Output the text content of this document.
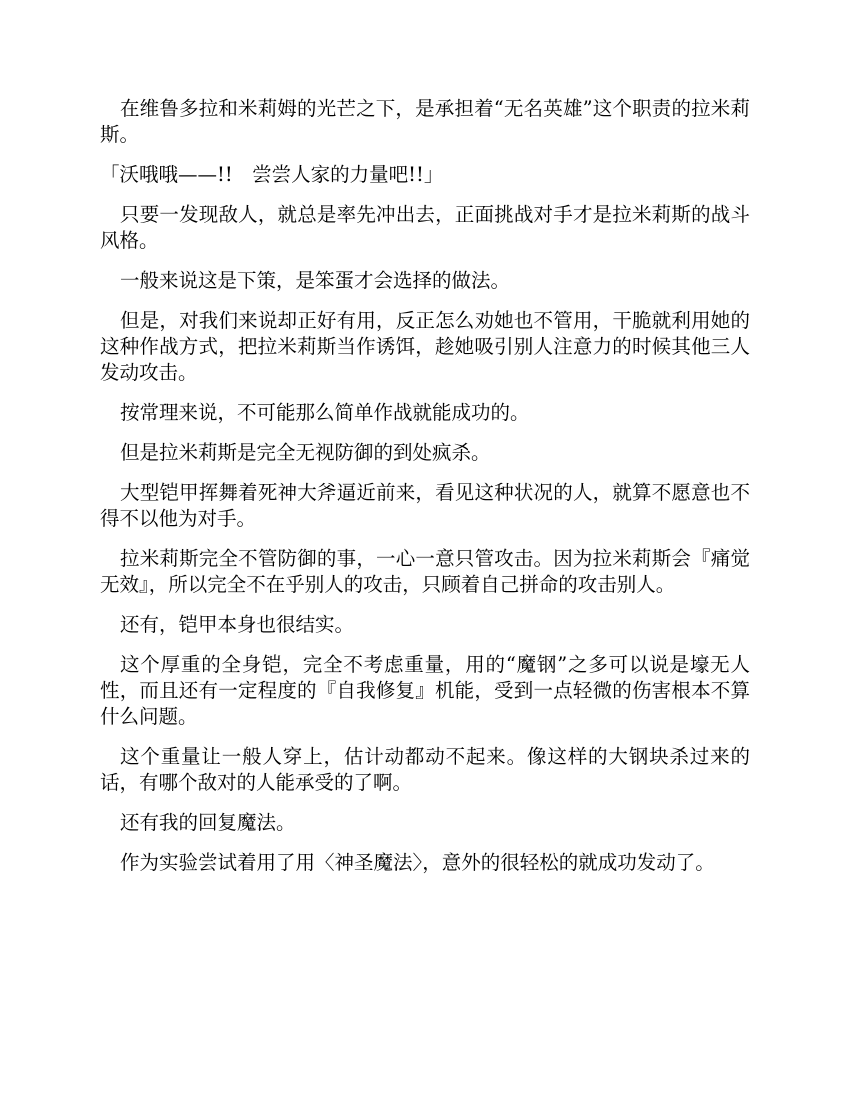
在维鲁多拉和米莉姆的光芒之下，是承担着“无名英雄”这个职责的拉米莉斯。

「沃哦哦——!!　尝尝人家的力量吧!!」

只要一发现敌人，就总是率先冲出去，正面挑战对手才是拉米莉斯的战斗风格。

一般来说这是下策，是笨蛋才会选择的做法。

但是，对我们来说却正好有用，反正怎么劝她也不管用，干脆就利用她的这种作战方式，把拉米莉斯当作诱饵，趁她吸引别人注意力的时候其他三人发动攻击。

按常理来说，不可能那么简单作战就能成功的。

但是拉米莉斯是完全无视防御的到处疯杀。

大型铠甲挥舞着死神大斧逼近前来，看见这种状况的人，就算不愿意也不得不以他为对手。

拉米莉斯完全不管防御的事，一心一意只管攻击。因为拉米莉斯会『痛觉无效』，所以完全不在乎别人的攻击，只顾着自己拼命的攻击别人。

还有，铠甲本身也很结实。

这个厚重的全身铠，完全不考虑重量，用的“魔钢”之多可以说是壕无人性，而且还有一定程度的『自我修复』机能，受到一点轻微的伤害根本不算什么问题。

这个重量让一般人穿上，估计动都动不起来。像这样的大钢块杀过来的话，有哪个敌对的人能承受的了啊。

还有我的回复魔法。

作为实验尝试着用了用〈神圣魔法〉，意外的很轻松的就成功发动了。
